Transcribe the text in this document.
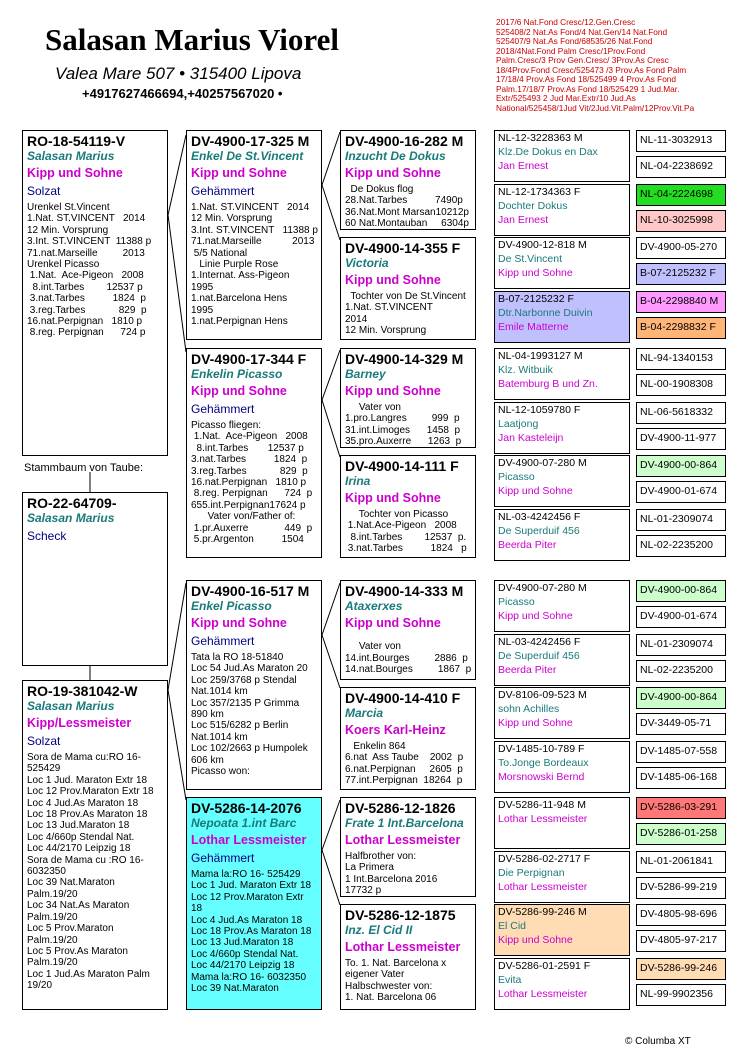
Salasan Marius Viorel
Valea Mare 507 • 315400 Lipova
+4917627466694,+40257567020 •
2017/6 Nat.Fond Cresc/12.Gen.Cresc
525408/2 Nat.As Fond/4 Nat.Gen/14 Nat.Fond
525407/9 Nat.As Fond/68535/26 Nat.Fond
2018/4Nat.Fond Palm Cresc/1Prov.Fond
Palm.Cresc/3 Prov Gen.Cresc/ 3Prov.As Cresc
18/4Prov.Fond Cresc/525473 /3 Prov.As Fond Palm
17/18/4 Prov.As Fond 18/525499 4 Prov.As Fond
Palm.17/18/7 Prov.As Fond 18/525429 1 Jud.Mar.
Extr/525493 2 Jud Mar.Extr/10 Jud.As
National/525458/1Jud Vit/2Jud.Vit.Palm/12Prov.Vit.Pa
RO-18-54119-V
Salasan Marius
Kipp und Sohne
Solzat
Urenkel St.Vincent
1.Nat. ST.VINCENT   2014
12 Min. Vorsprung
3.Int. ST.VINCENT  11388 p
71.nat.Marseille         2013
Urenkel Picasso
1.Nat.  Ace-Pigeon   2008
8.int.Tarbes        12537 p
3.nat.Tarbes          1824  p
3.reg.Tarbes            829  p
16.nat.Perpignan   1810 p
8.reg. Perpignan      724 p
Stammbaum von Taube:
RO-22-64709-
Salasan Marius
Scheck
RO-19-381042-W
Salasan Marius
Kipp/Lessmeister
Solzat
Sora de Mama cu:RO 16-
525429
Loc 1 Jud. Maraton Extr 18
Loc 12 Prov.Maraton Extr 18
Loc 4 Jud.As Maraton 18
Loc 18 Prov.As Maraton 18
Loc 13 Jud.Maraton 18
Loc 4/660p Stendal Nat.
Loc 44/2170 Leipzig 18
Sora de Mama cu :RO 16-
6032350
Loc 39 Nat.Maraton
Palm.19/20
Loc 34 Nat.As Maraton
Palm.19/20
Loc 5 Prov.Maraton
Palm.19/20
Loc 5 Prov.As Maraton
Palm.19/20
Loc 1 Jud.As Maraton Palm
19/20
DV-4900-17-325 M
Enkel De St.Vincent
Kipp und Sohne
Gehämmert
1.Nat. ST.VINCENT   2014
12 Min. Vorsprung
3.Int. ST.VINCENT   11388 p
71.nat.Marseille           2013
5/5 National
Linie Purple Rose
1.Internat. Ass-Pigeon
1995
1.nat.Barcelona Hens
1995
1.nat.Perpignan Hens
DV-4900-17-344 F
Enkelin Picasso
Kipp und Sohne
Gehämmert
Picasso fliegen:
1.Nat.  Ace-Pigeon   2008
8.int.Tarbes       12537 p
3.nat.Tarbes          1824  p
3.reg.Tarbes            829  p
16.nat.Perpignan   1810 p
8.reg. Perpignan      724  p
655.int.Perpignan17624 p
Vater von/Father of:
1.pr.Auxerre             449  p
5.pr.Argenton          1504
DV-4900-16-517 M
Enkel Picasso
Kipp und Sohne
Gehämmert
Tata la RO 18-51840
Loc 54 Jud.As Maraton 20
Loc 259/3768 p Stendal
Nat.1014 km
Loc 357/2135 P Grimma
890 km
Loc 515/6282 p Berlin
Nat.1014 km
Loc 102/2663 p Humpolek
606 km
Picasso won:
DV-5286-14-2076
Nepoata 1.int Barc
Lothar Lessmeister
Gehämmert
Mama la:RO 16- 525429
Loc 1 Jud. Maraton Extr 18
Loc 12 Prov.Maraton Extr
18
Loc 4 Jud.As Maraton 18
Loc 18 Prov.As Maraton 18
Loc 13 Jud.Maraton 18
Loc 4/660p Stendal Nat.
Loc 44/2170 Leipzig 18
Mama la:RO 16- 6032350
Loc 39 Nat.Maraton
DV-4900-16-282 M
Inzucht De Dokus
Kipp und Sohne
De Dokus flog
28.Nat.Tarbes          7490p
36.Nat.Mont Marsan10212p
60 Nat.Montauban     6304p
DV-4900-14-355 F
Victoria
Kipp und Sohne
Tochter von De St.Vincent
1.Nat. ST.VINCENT
2014
12 Min. Vorsprung
DV-4900-14-329 M
Barney
Kipp und Sohne
Vater von
1.pro.Langres         999  p
31.int.Limoges      1458  p
35.pro.Auxerre      1263  p
DV-4900-14-111 F
Irina
Kipp und Sohne
Tochter von Picasso
1.Nat.Ace-Pigeon   2008
8.int.Tarbes        12537  p.
3.nat.Tarbes          1824   p
DV-4900-14-333 M
Ataxerxes
Kipp und Sohne

Vater von
14.int.Bourges         2886  p
14.nat.Bourges         1867  p
DV-4900-14-410 F
Marcia
Koers Karl-Heinz
Enkelin 864
6.nat  Ass Taube    2002  p
6.nat.Perpignan     2605  p
77.int.Perpignan  18264  p
DV-5286-12-1826
Frate 1 Int.Barcelona
Lothar Lessmeister
Halfbrother von:
La Primera
1 Int.Barcelona 2016
17732 p
DV-5286-12-1875
Inz. El Cid II
Lothar Lessmeister
To. 1. Nat. Barcelona x
eigener Vater
Halbschwester von:
1. Nat. Barcelona 06
NL-12-3228363 M
Klz.De Dokus en Dax
Jan Ernest
NL-12-1734363 F
Dochter Dokus
Jan Ernest
DV-4900-12-818 M
De St.Vincent
Kipp und Sohne
B-07-2125232 F
Dtr.Narbonne Duivin
Emile Matterne
NL-04-1993127 M
Klz. Witbuik
Batemburg B und Zn.
NL-12-1059780 F
Laatjong
Jan Kasteleijn
DV-4900-07-280 M
Picasso
Kipp und Sohne
NL-03-4242456 F
De Superduif 456
Beerda Piter
DV-4900-07-280 M
Picasso
Kipp und Sohne
NL-03-4242456 F
De Superduif 456
Beerda Piter
DV-8106-09-523 M
sohn Achilles
Kipp und Sohne
DV-1485-10-789 F
To.Jonge Bordeaux
Morsnowski Bernd
DV-5286-11-948 M
Lothar Lessmeister
DV-5286-02-2717 F
Die Perpignan
Lothar Lessmeister
DV-5286-99-246 M
El Cid
Kipp und Sohne
DV-5286-01-2591 F
Evita
Lothar Lessmeister
NL-11-3032913
NL-04-2238692
NL-04-2224698
NL-10-3025998
DV-4900-05-270
B-07-2125232 F
B-04-2298840 M
B-04-2298832 F
NL-94-1340153
NL-00-1908308
NL-06-5618332
DV-4900-11-977
DV-4900-00-864
DV-4900-01-674
NL-01-2309074
NL-02-2235200
DV-4900-00-864
DV-4900-01-674
NL-01-2309074
NL-02-2235200
DV-4900-00-864
DV-3449-05-71
DV-1485-07-558
DV-1485-06-168
DV-5286-03-291
DV-5286-01-258
NL-01-2061841
DV-5286-99-219
DV-4805-98-696
DV-4805-97-217
DV-5286-99-246
NL-99-9902356
© Columba XT
